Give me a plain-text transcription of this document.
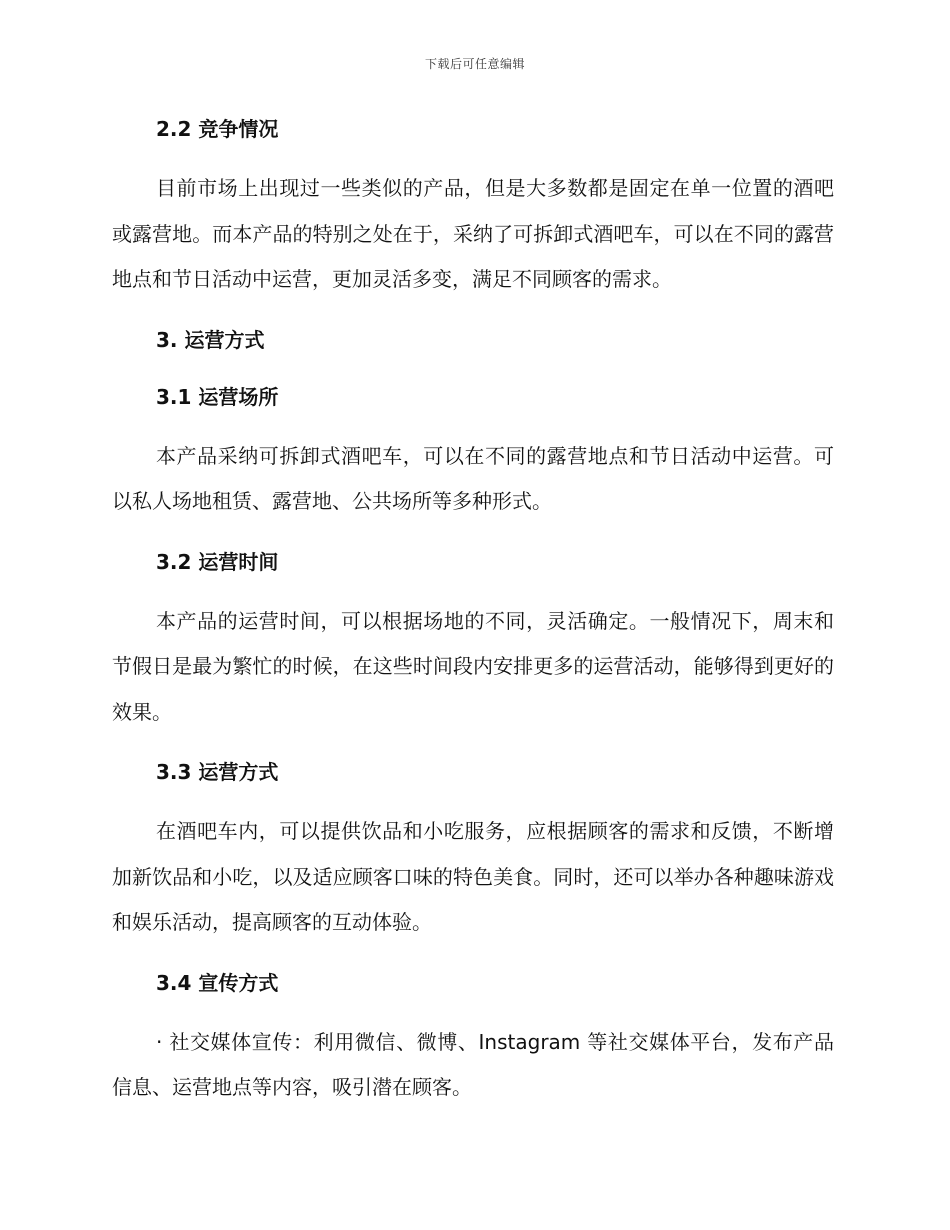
下载后可任意编辑
2.2 竞争情况

目前市场上出现过一些类似的产品，但是大多数都是固定在单一位置的酒吧或露营地。而本产品的特别之处在于，采纳了可拆卸式酒吧车，可以在不同的露营地点和节日活动中运营，更加灵活多变，满足不同顾客的需求。

3. 运营方式
3.1 运营场所

本产品采纳可拆卸式酒吧车，可以在不同的露营地点和节日活动中运营。可以私人场地租赁、露营地、公共场所等多种形式。

3.2 运营时间

本产品的运营时间，可以根据场地的不同，灵活确定。一般情况下，周末和节假日是最为繁忙的时候，在这些时间段内安排更多的运营活动，能够得到更好的效果。

3.3 运营方式

在酒吧车内，可以提供饮品和小吃服务，应根据顾客的需求和反馈，不断增加新饮品和小吃，以及适应顾客口味的特色美食。同时，还可以举办各种趣味游戏和娱乐活动，提高顾客的互动体验。

3.4 宣传方式

· 社交媒体宣传：利用微信、微博、Instagram 等社交媒体平台，发布产品信息、运营地点等内容，吸引潜在顾客。
